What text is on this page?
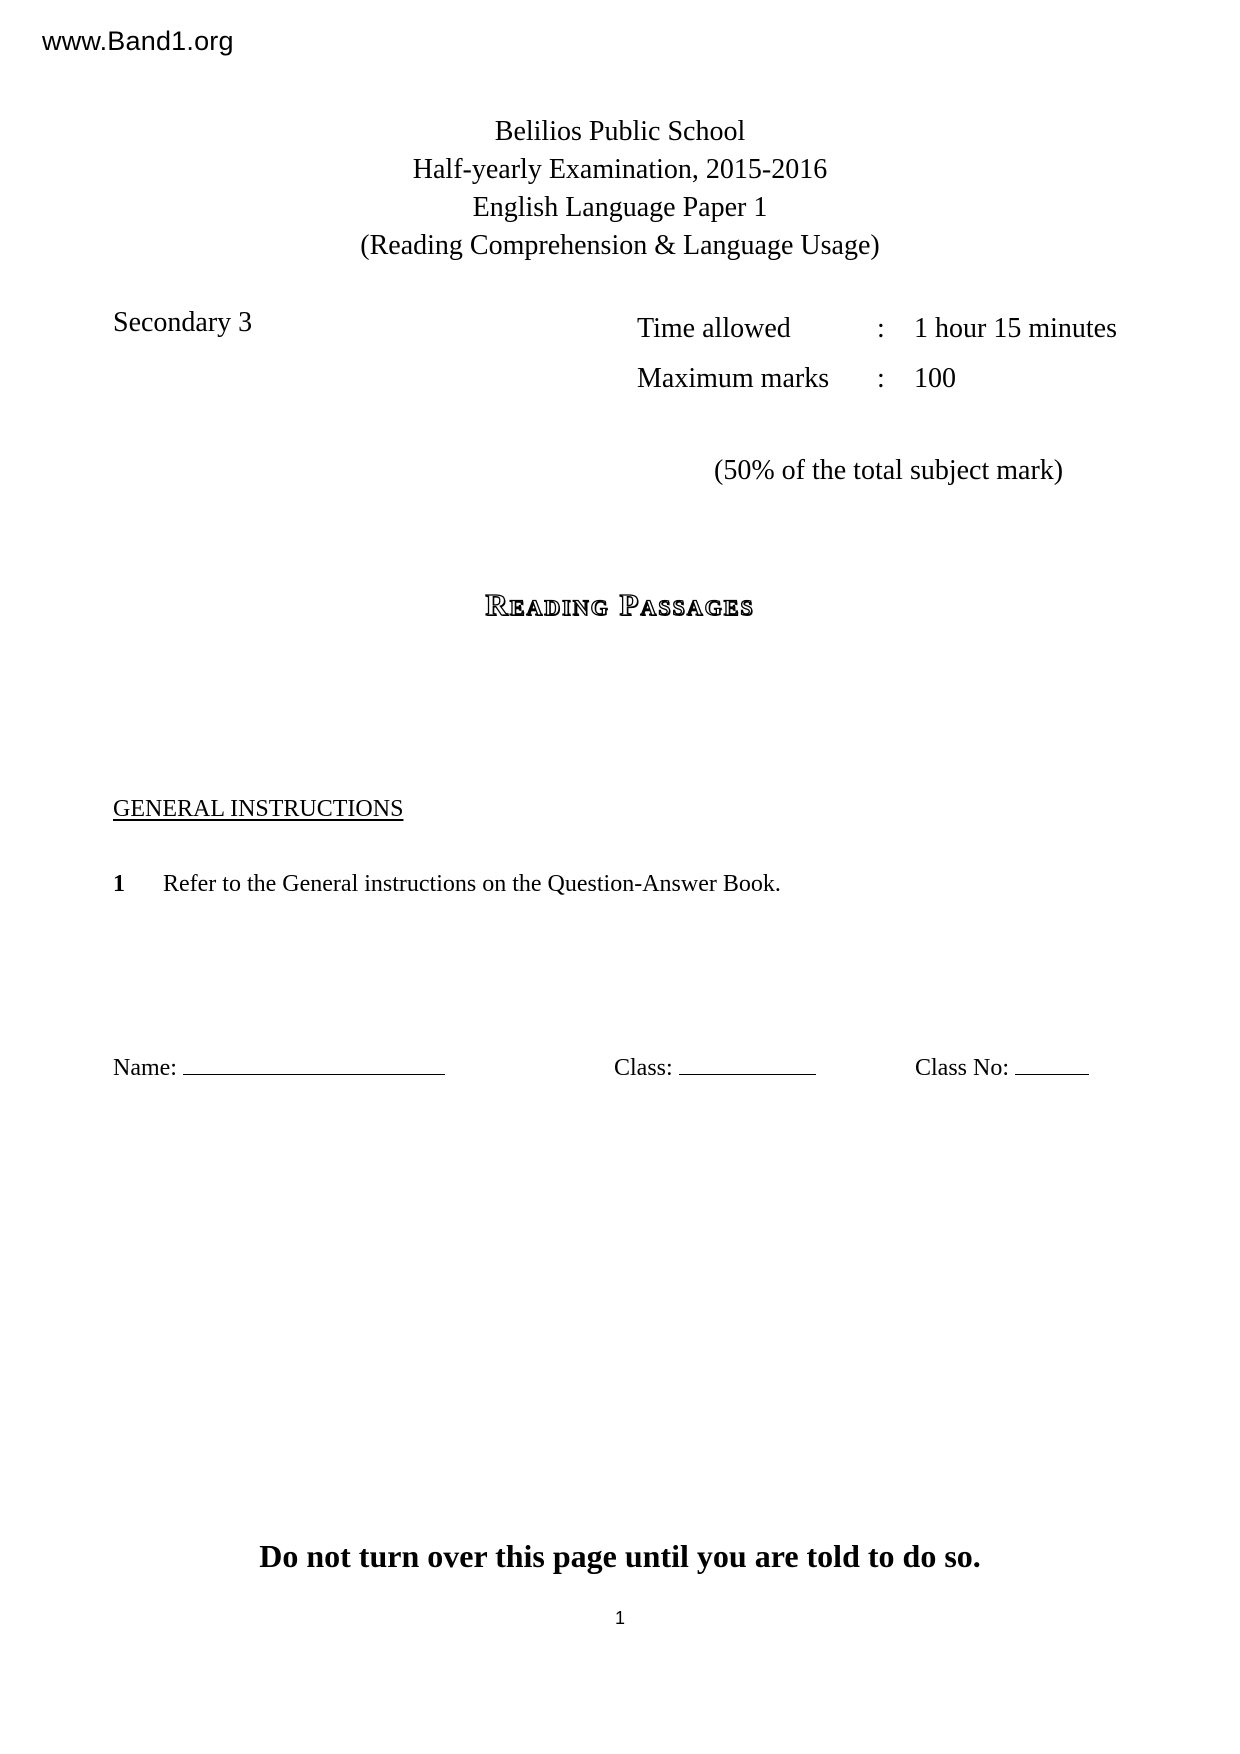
www.Band1.org
Belilios Public School
Half-yearly Examination, 2015-2016
English Language Paper 1
(Reading Comprehension & Language Usage)
Secondary 3	Time allowed	: 1 hour 15 minutes
Maximum marks : 100
(50% of the total subject mark)
Reading Passages
GENERAL INSTRUCTIONS
1 Refer to the General instructions on the Question-Answer Book.
Name:	Class:	Class No:
Do not turn over this page until you are told to do so.
1
